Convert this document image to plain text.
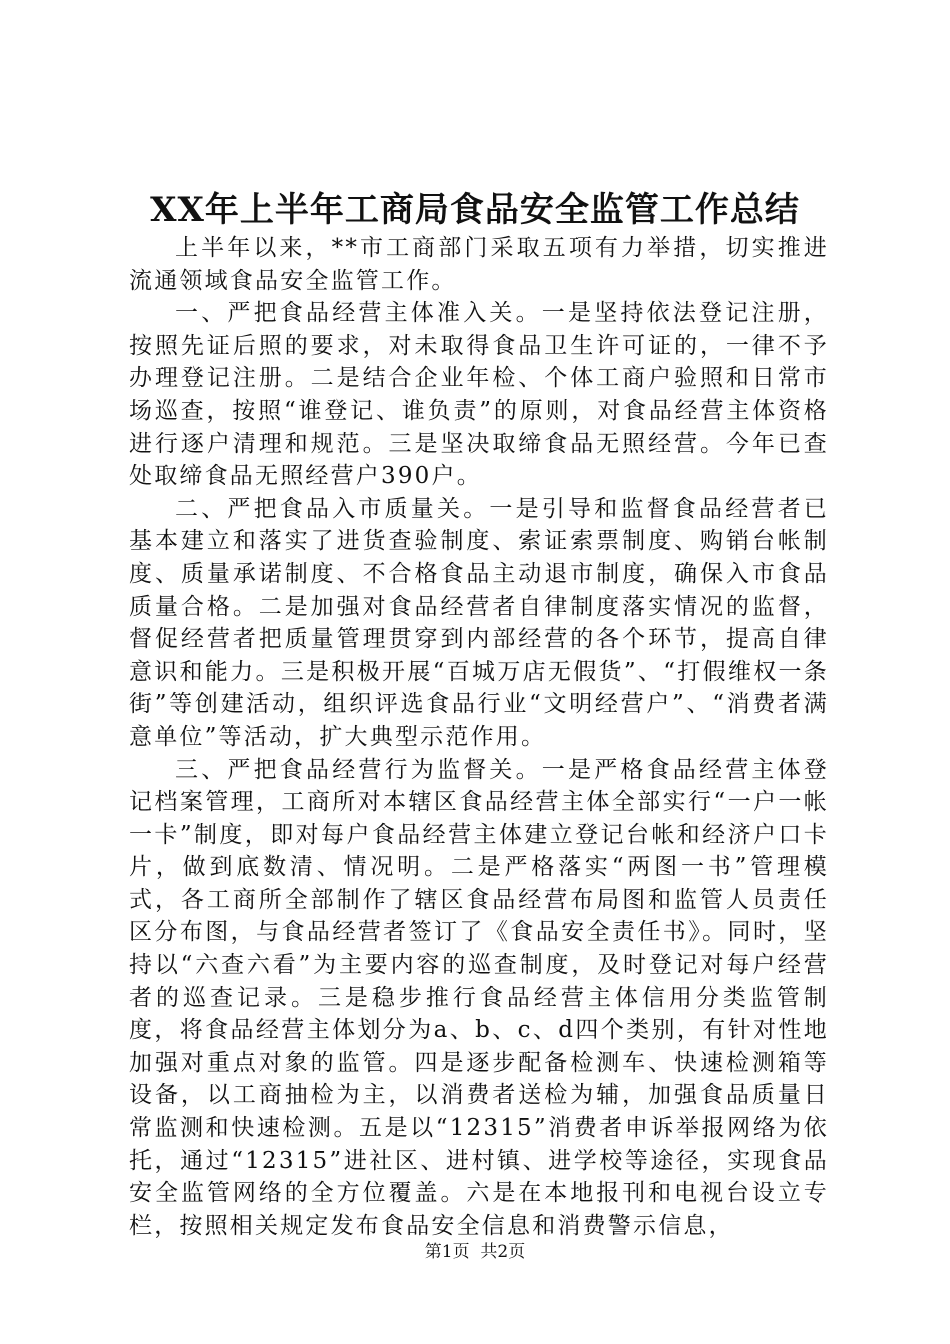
XX年上半年工商局食品安全监管工作总结

上半年以来，**市工商部门采取五项有力举措，切实推进流通领域食品安全监管工作。

一、严把食品经营主体准入关。一是坚持依法登记注册，按照先证后照的要求，对未取得食品卫生许可证的，一律不予办理登记注册。二是结合企业年检、个体工商户验照和日常市场巡查，按照“谁登记、谁负责”的原则，对食品经营主体资格进行逐户清理和规范。三是坚决取缔食品无照经营。今年已查处取缔食品无照经营户390户。

二、严把食品入市质量关。一是引导和监督食品经营者已基本建立和落实了进货查验制度、索证索票制度、购销台帐制度、质量承诺制度、不合格食品主动退市制度，确保入市食品质量合格。二是加强对食品经营者自律制度落实情况的监督，督促经营者把质量管理贯穿到内部经营的各个环节，提高自律意识和能力。三是积极开展“百城万店无假货”、“打假维权一条街”等创建活动，组织评选食品行业“文明经营户”、“消费者满意单位”等活动，扩大典型示范作用。

三、严把食品经营行为监督关。一是严格食品经营主体登记档案管理，工商所对本辖区食品经营主体全部实行“一户一帐一卡”制度，即对每户食品经营主体建立登记台帐和经济户口卡片，做到底数清、情况明。二是严格落实“两图一书”管理模式，各工商所全部制作了辖区食品经营布局图和监管人员责任区分布图，与食品经营者签订了《食品安全责任书》。同时，坚持以“六查六看”为主要内容的巡查制度，及时登记对每户经营者的巡查记录。三是稳步推行食品经营主体信用分类监管制度，将食品经营主体划分为a、b、c、d四个类别，有针对性地加强对重点对象的监管。四是逐步配备检测车、快速检测箱等设备，以工商抽检为主，以消费者送检为辅，加强食品质量日常监测和快速检测。五是以“12315”消费者申诉举报网络为依托，通过“12315”进社区、进村镇、进学校等途径，实现食品安全监管网络的全方位覆盖。六是在本地报刊和电视台设立专栏，按照相关规定发布食品安全信息和消费警示信息，

第1页  共2页
